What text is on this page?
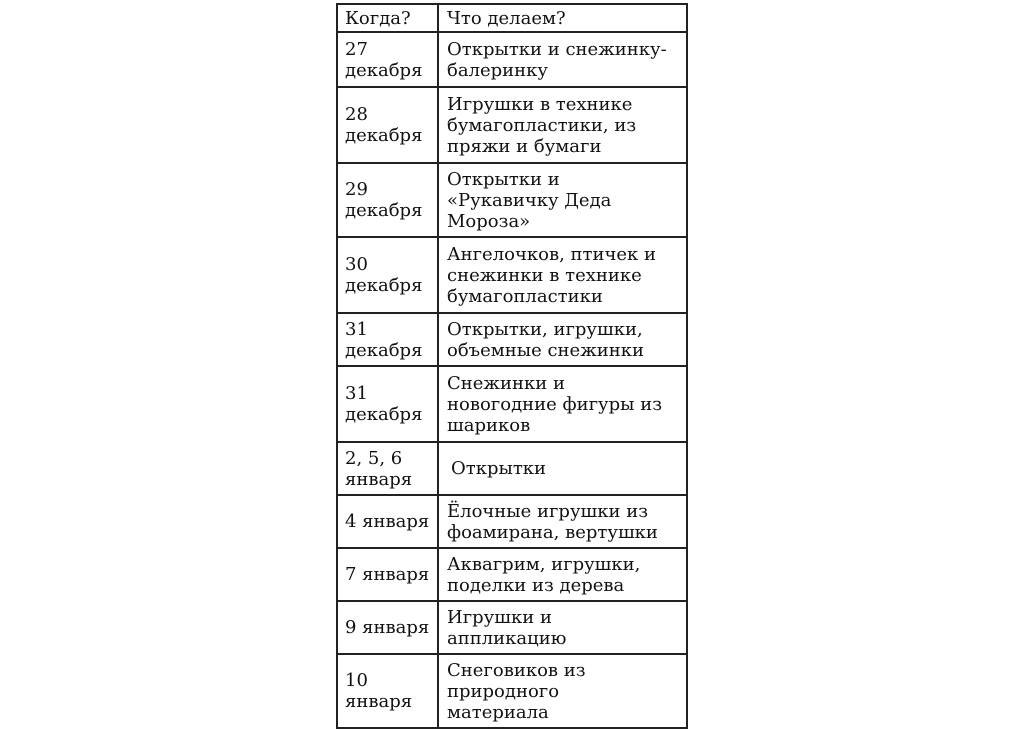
Когда?	Что делаем?

27
декабря	Открытки и снежинку-
балеринку

28
декабря	Игрушки в технике
бумагопластики, из
пряжи и бумаги

29
декабря	Открытки и
«Рукавичку Деда
Мороза»

30
декабря	Ангелочков, птичек и
снежинки в технике
бумагопластики

31
декабря	Открытки, игрушки,
объемные снежинки

31
декабря	Снежинки и
новогодние фигуры из
шариков

2, 5, 6
января	Открытки

4 января	Ёлочные игрушки из
фоамирана, вертушки

7 января	Аквагрим, игрушки,
поделки из дерева

9 января	Игрушки и
аппликацию

10
января	Снеговиков из
природного
материала
